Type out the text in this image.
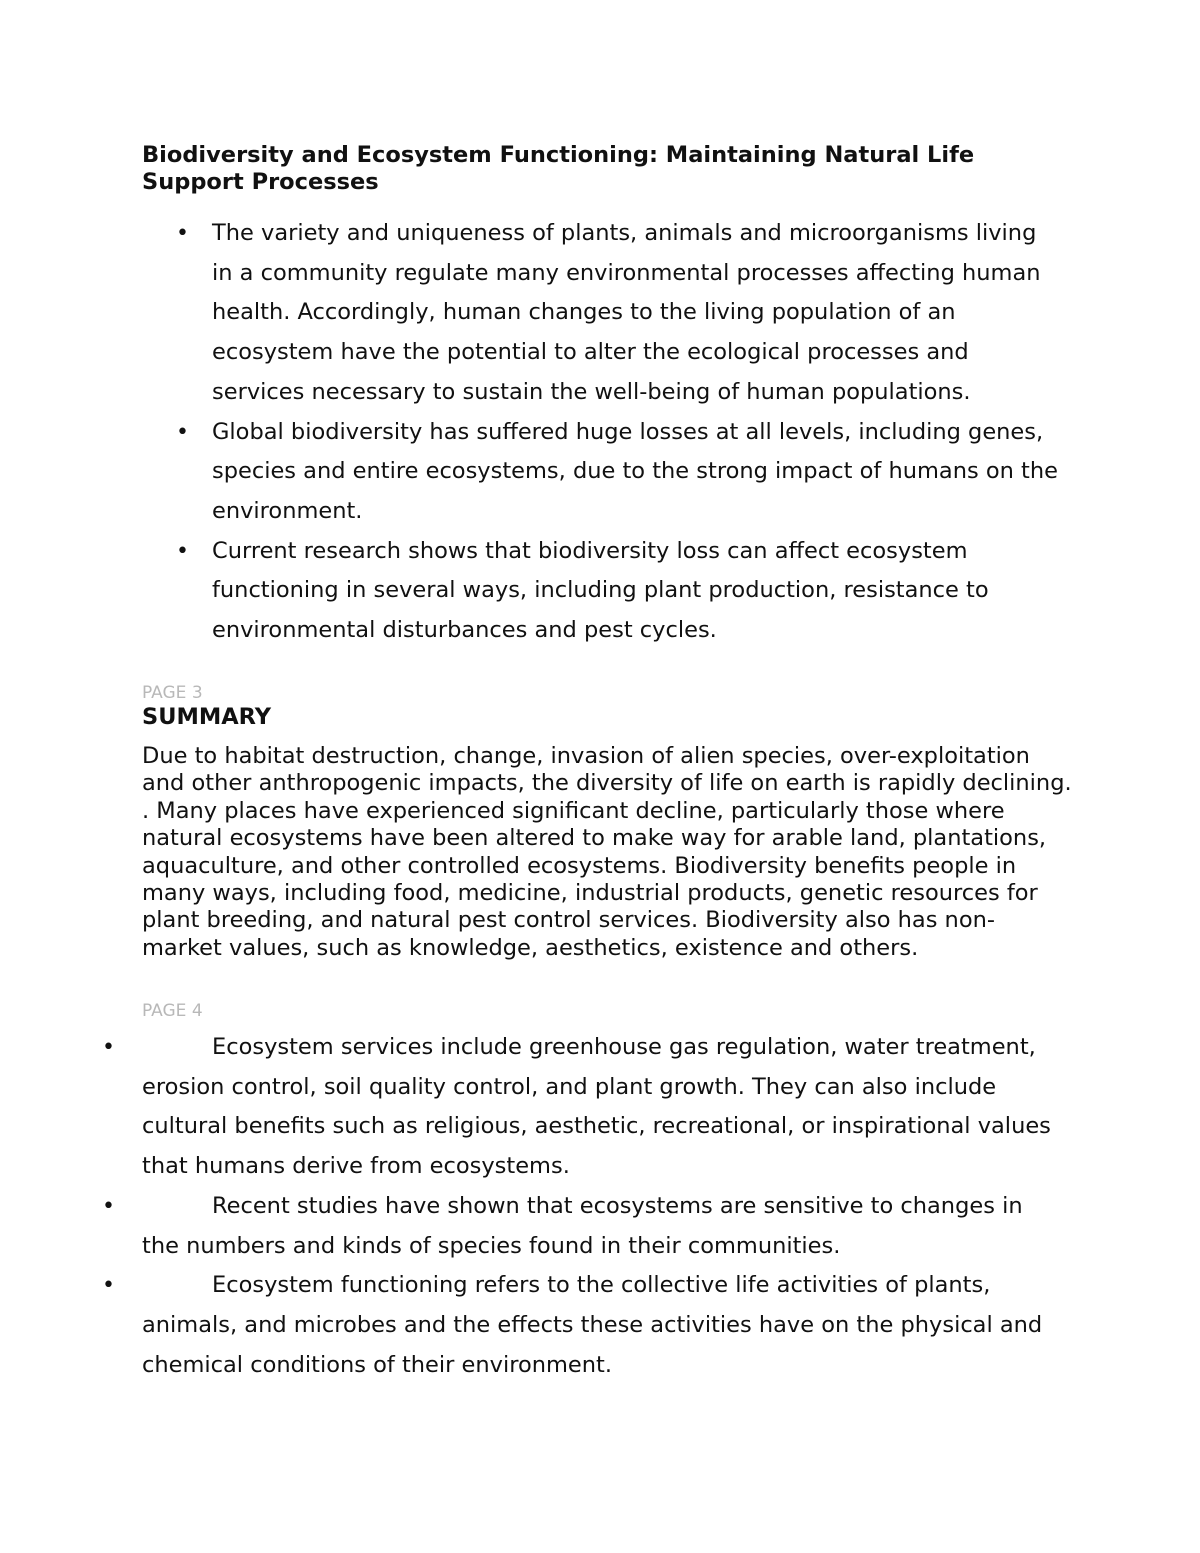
Biodiversity and Ecosystem Functioning: Maintaining Natural Life Support Processes
• The variety and uniqueness of plants, animals and microorganisms living in a community regulate many environmental processes affecting human health. Accordingly, human changes to the living population of an ecosystem have the potential to alter the ecological processes and services necessary to sustain the well-being of human populations.
• Global biodiversity has suffered huge losses at all levels, including genes, species and entire ecosystems, due to the strong impact of humans on the environment.
• Current research shows that biodiversity loss can affect ecosystem functioning in several ways, including plant production, resistance to environmental disturbances and pest cycles.
PAGE 3
SUMMARY
Due to habitat destruction, change, invasion of alien species, over-exploitation and other anthropogenic impacts, the diversity of life on earth is rapidly declining. . Many places have experienced significant decline, particularly those where natural ecosystems have been altered to make way for arable land, plantations, aquaculture, and other controlled ecosystems. Biodiversity benefits people in many ways, including food, medicine, industrial products, genetic resources for plant breeding, and natural pest control services. Biodiversity also has non-market values, such as knowledge, aesthetics, existence and others.
PAGE 4
•	Ecosystem services include greenhouse gas regulation, water treatment, erosion control, soil quality control, and plant growth. They can also include cultural benefits such as religious, aesthetic, recreational, or inspirational values that humans derive from ecosystems.
•	Recent studies have shown that ecosystems are sensitive to changes in the numbers and kinds of species found in their communities.
•	Ecosystem functioning refers to the collective life activities of plants, animals, and microbes and the effects these activities have on the physical and chemical conditions of their environment.
